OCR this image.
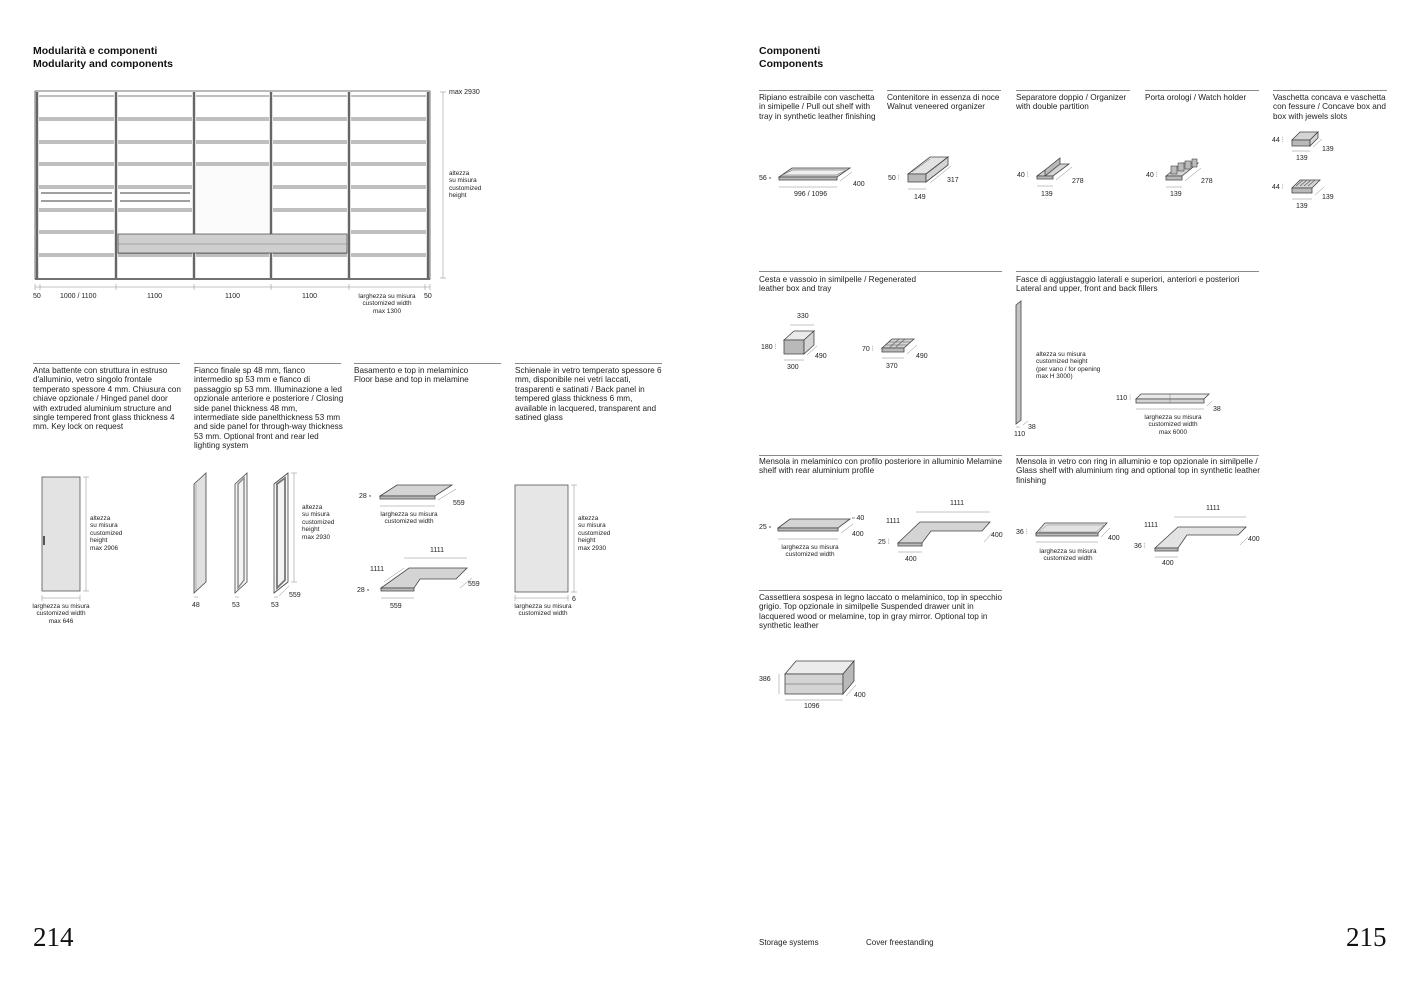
Modularità e componenti
Modularity and components
max 2930
altezza
su misura
customized
height
50	1000 / 1100	1100	1100	1100	50
larghezza su misura
customized width
max 1300
Anta battente con struttura in estruso d'alluminio, vetro singolo frontale temperato spessore 4 mm. Chiusura con chiave opzionale / Hinged panel door with extruded aluminium structure and single tempered front glass thickness 4 mm. Key lock on request
Fianco finale sp 48 mm, fianco intermedio sp 53 mm e fianco di passaggio sp 53 mm. Illuminazione a led opzionale anteriore e posteriore / Closing side panel thickness 48 mm, intermediate side panelthickness 53 mm and side panel for through-way thickness 53 mm. Optional front and rear led lighting system
Basamento e top in melaminico Floor base and top in melamine
Schienale in vetro temperato spessore 6 mm, disponibile nei vetri laccati, trasparenti e satinati / Back panel in tempered glass thickness 6 mm, available in lacquered, transparent and satined glass
altezza
su misura
customized
height
max 2906
larghezza su misura
customized width
max 646
altezza
su misura
customized
height
max 2930
48	53	53
559
28 ▫
559
larghezza su misura
customized width
1111
1111
28 ▫
559
559
altezza
su misura
customized
height
max 2930
6
larghezza su misura
customized width
214
Componenti
Components
Ripiano estraibile con vaschetta in simipelle / Pull out shelf with tray in synthetic leather finishing
Contenitore in essenza di noce Walnut veneered organizer
Separatore doppio / Organizer with double partition
Porta orologi / Watch holder	Vaschetta concava e vaschetta con fessure / Concave box and box with jewels slots
56 ▫
400
996 / 1096
50 ⫶	317
149
40 ⫶
278
139
40 ⫶
278
139
44 ⫶
139
139
44 ⫶
139
139
Cesta e vassoio in similpelle / Regenerated leather box and tray
Fasce di aggiustaggio laterali e superiori, anteriori e posteriori Lateral and upper, front and back fillers
330
180 ⫶
490
300
70 ⫶
490
370
altezza su misura
customized height
(per vano / for opening
max H 3000)
110
38
110 ⫶
38
larghezza su misura
customized width
max 6000
Mensola in melaminico con profilo posteriore in alluminio Melamine shelf with rear aluminium profile
Mensola in vetro con ring in alluminio e top opzionale in similpelle / Glass shelf with aluminium ring and optional top in synthetic leather finishing
25 ▫
▫ 40
400
larghezza su misura
customized width
1111
1111
25 ⫶
400
400
36 ⫶
400
larghezza su misura
customized width
1111
1111
36 ⫶
400
400
Cassettiera sospesa in legno laccato o melaminico, top in specchio grigio. Top opzionale in similpelle Suspended drawer unit in lacquered wood or melamine, top in gray mirror. Optional top in synthetic leather
386
400
1096
Storage systems	Cover freestanding	215
